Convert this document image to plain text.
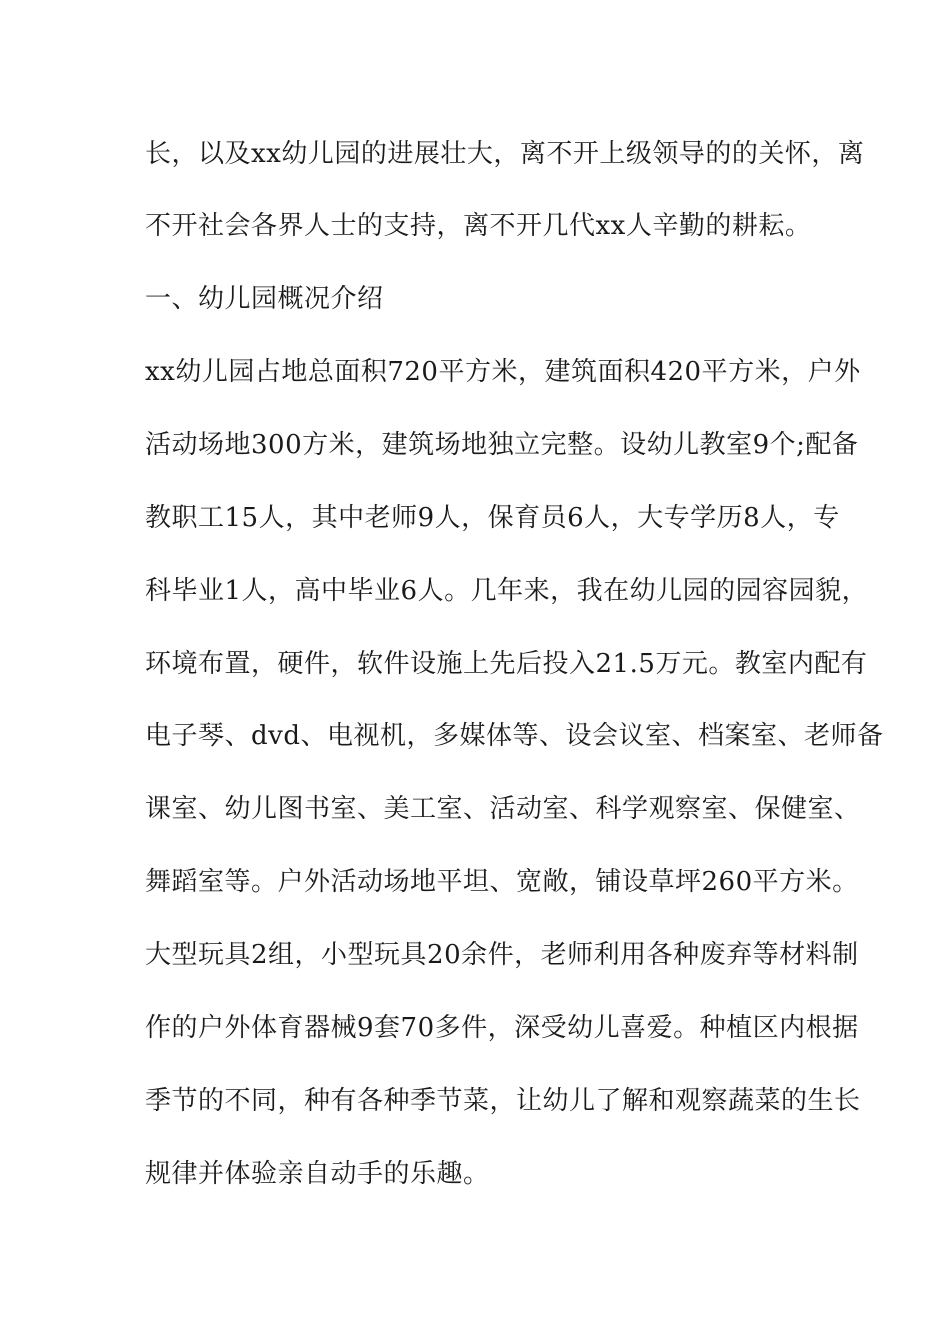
长，以及xx幼儿园的进展壮大，离不开上级领导的的关怀，离
不开社会各界人士的支持，离不开几代xx人辛勤的耕耘。
一、幼儿园概况介绍
xx幼儿园占地总面积720平方米，建筑面积420平方米，户外
活动场地300方米，建筑场地独立完整。设幼儿教室9个;配备
教职工15人，其中老师9人，保育员6人，大专学历8人，专
科毕业1人，高中毕业6人。几年来，我在幼儿园的园容园貌，
环境布置，硬件，软件设施上先后投入21.5万元。教室内配有
电子琴、dvd、电视机，多媒体等、设会议室、档案室、老师备
课室、幼儿图书室、美工室、活动室、科学观察室、保健室、
舞蹈室等。户外活动场地平坦、宽敞，铺设草坪260平方米。
大型玩具2组，小型玩具20余件，老师利用各种废弃等材料制
作的户外体育器械9套70多件，深受幼儿喜爱。种植区内根据
季节的不同，种有各种季节菜，让幼儿了解和观察蔬菜的生长
规律并体验亲自动手的乐趣。
